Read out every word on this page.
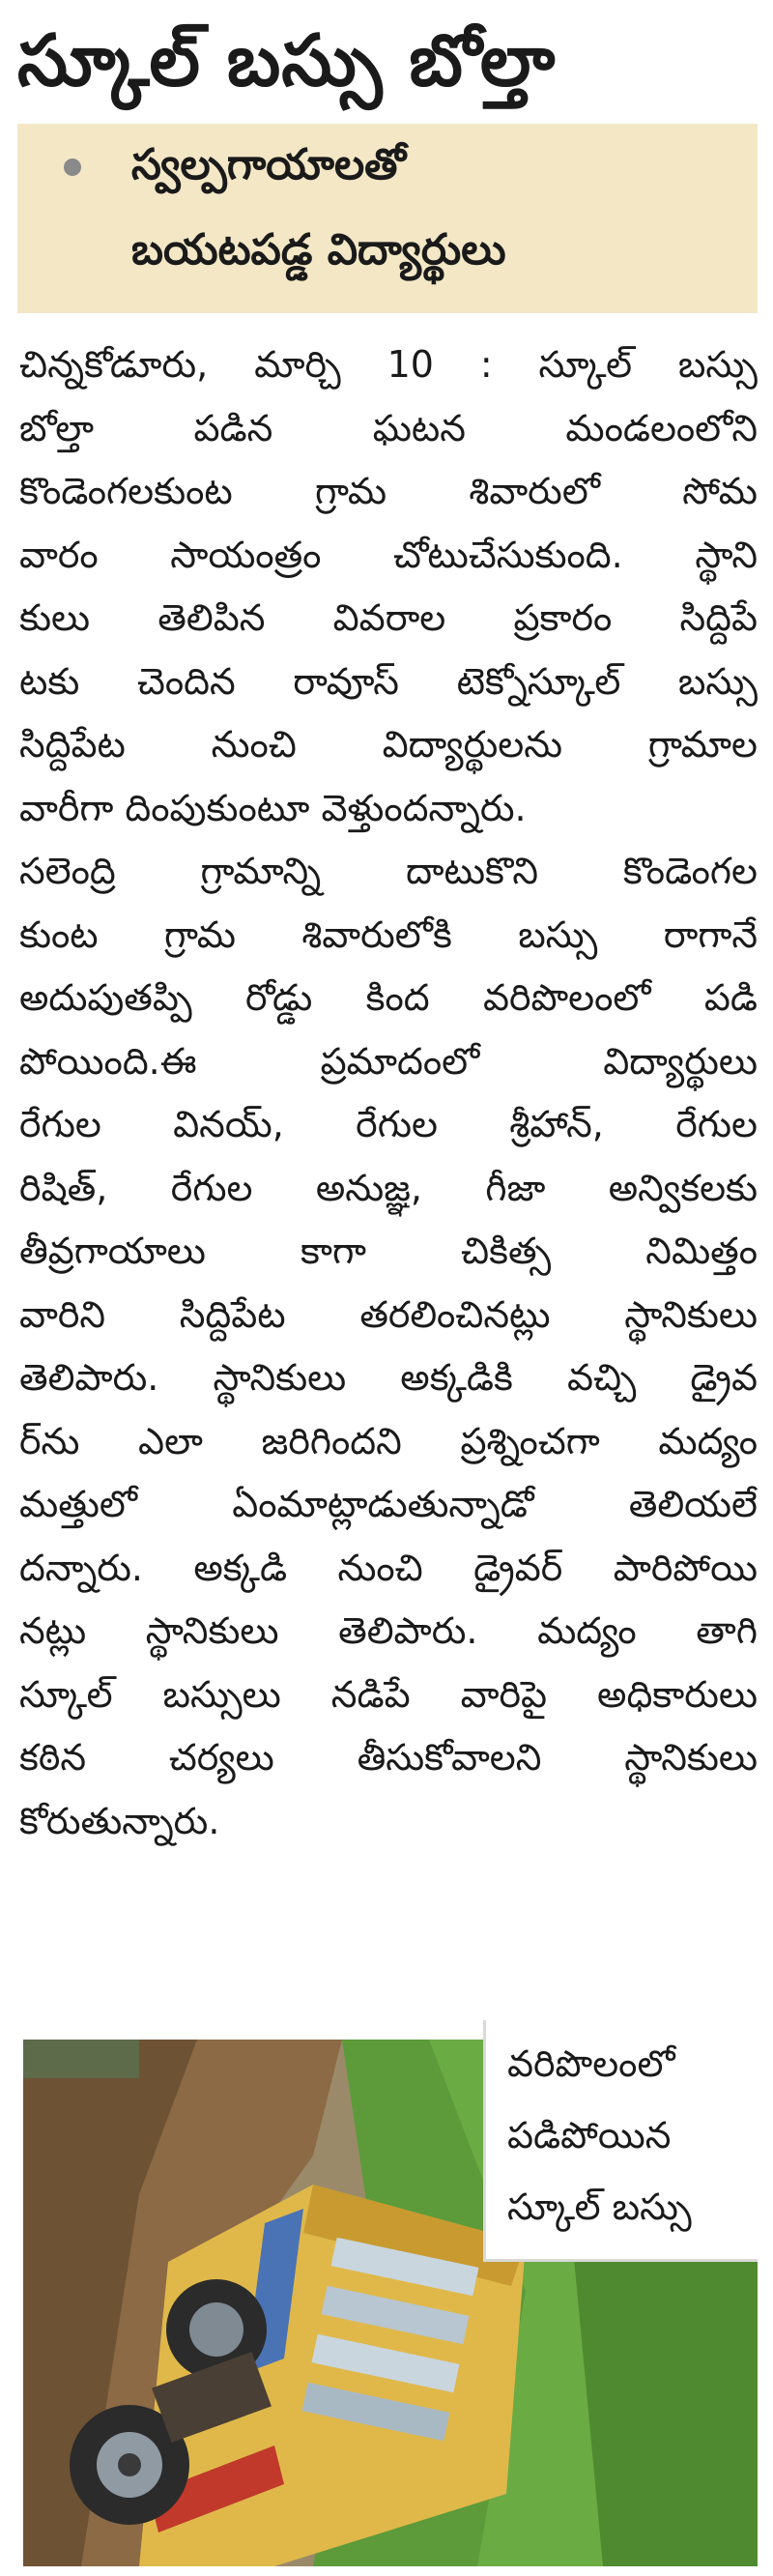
స్కూల్ బస్సు బోల్తా
స్వల్పగాయాలతో
బయటపడ్డ విద్యార్థులు
చిన్నకోడూరు, మార్చి 10 : స్కూల్ బస్సు
బోల్తా పడిన ఘటన మండలంలోని
కొండెంగలకుంట గ్రామ శివారులో సోమ
వారం సాయంత్రం చోటుచేసుకుంది. స్థాని
కులు తెలిపిన వివరాల ప్రకారం సిద్దిపే
టకు చెందిన రావూస్ టెక్నోస్కూల్ బస్సు
సిద్దిపేట నుంచి విద్యార్థులను గ్రామాల
వారీగా దింపుకుంటూ వెళ్తుందన్నారు.
సలెంద్రి గ్రామాన్ని దాటుకొని కొండెంగల
కుంట గ్రామ శివారులోకి బస్సు రాగానే
అదుపుతప్పి రోడ్డు కింద వరిపొలంలో పడి
పోయింది.ఈ ప్రమాదంలో విద్యార్థులు
రేగుల వినయ్, రేగుల శ్రీహాన్, రేగుల
రిషిత్, రేగుల అనుజ్ఞ, గీజా అన్వికలకు
తీవ్రగాయాలు కాగా చికిత్స నిమిత్తం
వారిని సిద్దిపేట తరలించినట్లు స్థానికులు
తెలిపారు. స్థానికులు అక్కడికి వచ్చి డ్రైవ
ర్‌ను ఎలా జరిగిందని ప్రశ్నించగా మద్యం
మత్తులో ఏంమాట్లాడుతున్నాడో తెలియలే
దన్నారు. అక్కడి నుంచి డ్రైవర్ పారిపోయి
నట్లు స్థానికులు తెలిపారు. మద్యం తాగి
స్కూల్ బస్సులు నడిపే వారిపై అధికారులు
కఠిన చర్యలు తీసుకోవాలని స్థానికులు
కోరుతున్నారు.
వరిపొలంలో
పడిపోయిన
స్కూల్ బస్సు
